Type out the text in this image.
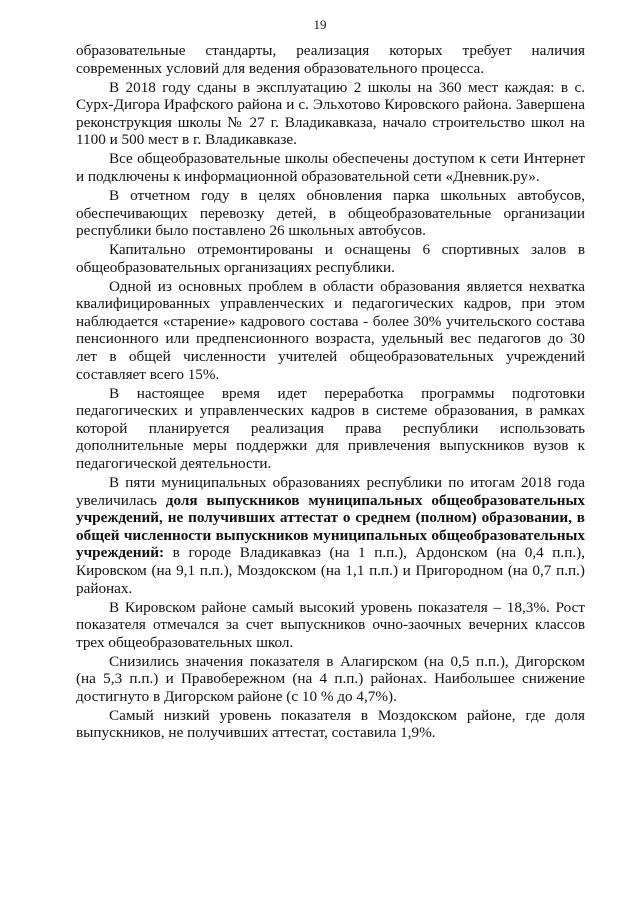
19

образовательные стандарты, реализация которых требует наличия современных условий для ведения образовательного процесса.

В 2018 году сданы в эксплуатацию 2 школы на 360 мест каждая: в с. Сурх-Дигора Ирафского района и с. Эльхотово Кировского района. Завершена реконструкция школы № 27 г. Владикавказа, начало строительство школ на 1100 и 500 мест в г. Владикавказе.

Все общеобразовательные школы обеспечены доступом к сети Интернет и подключены к информационной образовательной сети «Дневник.ру».

В отчетном году в целях обновления парка школьных автобусов, обеспечивающих перевозку детей, в общеобразовательные организации республики было поставлено 26 школьных автобусов.

Капитально отремонтированы и оснащены 6 спортивных залов в общеобразовательных организациях республики.

Одной из основных проблем в области образования является нехватка квалифицированных управленческих и педагогических кадров, при этом наблюдается «старение» кадрового состава - более 30% учительского состава пенсионного или предпенсионного возраста, удельный вес педагогов до 30 лет в общей численности учителей общеобразовательных учреждений составляет всего 15%.

В настоящее время идет переработка программы подготовки педагогических и управленческих кадров в системе образования, в рамках которой планируется реализация права республики использовать дополнительные меры поддержки для привлечения выпускников вузов к педагогической деятельности.

В пяти муниципальных образованиях республики по итогам 2018 года увеличилась доля выпускников муниципальных общеобразовательных учреждений, не получивших аттестат о среднем (полном) образовании, в общей численности выпускников муниципальных общеобразовательных учреждений: в городе Владикавказ (на 1 п.п.), Ардонском (на 0,4 п.п.), Кировском (на 9,1 п.п.), Моздокском (на 1,1 п.п.) и Пригородном (на 0,7 п.п.) районах.

В Кировском районе самый высокий уровень показателя – 18,3%. Рост показателя отмечался за счет выпускников очно-заочных вечерних классов трех общеобразовательных школ.

Снизились значения показателя в Алагирском (на 0,5 п.п.), Дигорском (на 5,3 п.п.) и Правобережном (на 4 п.п.) районах. Наибольшее снижение достигнуто в Дигорском районе (с 10 % до 4,7%).

Самый низкий уровень показателя в Моздокском районе, где доля выпускников, не получивших аттестат, составила 1,9%.
